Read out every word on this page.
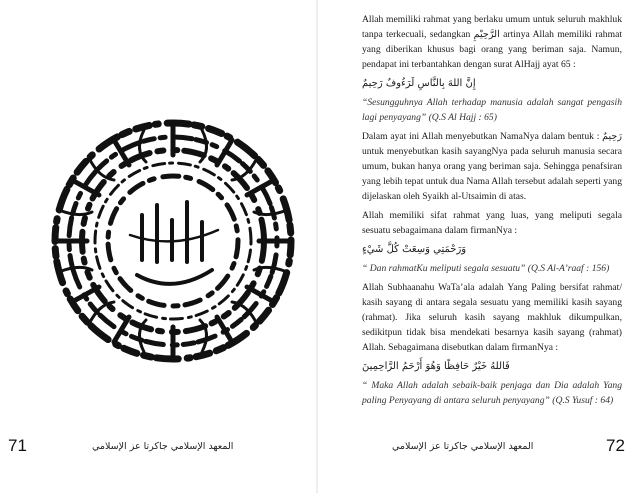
Allah memiliki rahmat yang berlaku umum untuk seluruh makhluk tanpa terkecuali, sedangkan الرَّحِيْمِ artinya Allah memiliki rahmat yang diberikan khusus bagi orang yang beriman saja. Namun, pendapat ini terbantahkan dengan surat AlHajj ayat 65 :

إِنَّ اللهَ بِالنَّاسِ لَرَءُوفٌ رَحِيمٌ

“Sesungguhnya Allah terhadap manusia adalah sangat pengasih lagi penyayang” (Q.S Al Hajj : 65)

Dalam ayat ini Allah menyebutkan NamaNya dalam bentuk : رَحِيمٌ untuk menyebutkan kasih sayangNya pada seluruh manusia secara umum, bukan hanya orang yang beriman saja. Sehingga penafsiran yang lebih tepat untuk dua Nama Allah tersebut adalah seperti yang dijelaskan oleh Syaikh al-Utsaimin di atas.

Allah memiliki sifat rahmat yang luas, yang meliputi segala sesuatu sebagaimana dalam firmanNya :

وَرَحْمَتِي وَسِعَتْ كُلَّ شَيْءٍ

“ Dan rahmatKu meliputi segala sesuatu” (Q.S Al-A’raaf : 156)

Allah Subhaanahu WaTa’ala adalah Yang Paling bersifat rahmat/ kasih sayang di antara segala sesuatu yang memiliki kasih sayang (rahmat). Jika seluruh kasih sayang makhluk dikumpulkan, sedikitpun tidak bisa mendekati besarnya kasih sayang (rahmat) Allah. Sebagaimana disebutkan dalam firmanNya :

فَاللهُ خَيْرٌ حَافِظًا وَهُوَ أَرْحَمُ الرَّاحِمِينَ

“ Maka Allah adalah sebaik-baik penjaga dan Dia adalah Yang paling Penyayang di antara seluruh penyayang” (Q.S Yusuf : 64)

71	المعهد الإسلامي جاكرتا عز الإسلامي	المعهد الإسلامي جاكرتا عز الإسلامي	72
